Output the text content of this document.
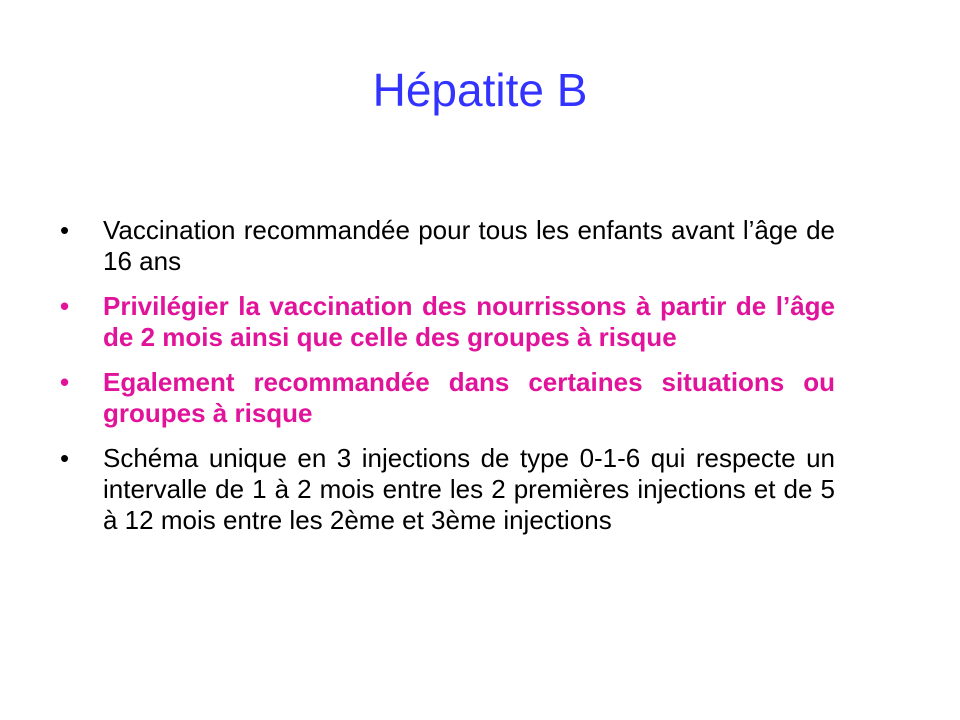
Hépatite B
•	Vaccination recommandée pour tous les enfants avant l’âge de 16 ans
•	Privilégier la vaccination des nourrissons à partir de l’âge de 2 mois ainsi que celle des groupes à risque
•	Egalement recommandée dans certaines situations ou groupes à risque
•	Schéma unique en 3 injections de type 0-1-6 qui respecte un intervalle de 1 à 2 mois entre les 2 premières injections et de 5 à 12 mois entre les 2ème et 3ème injections
